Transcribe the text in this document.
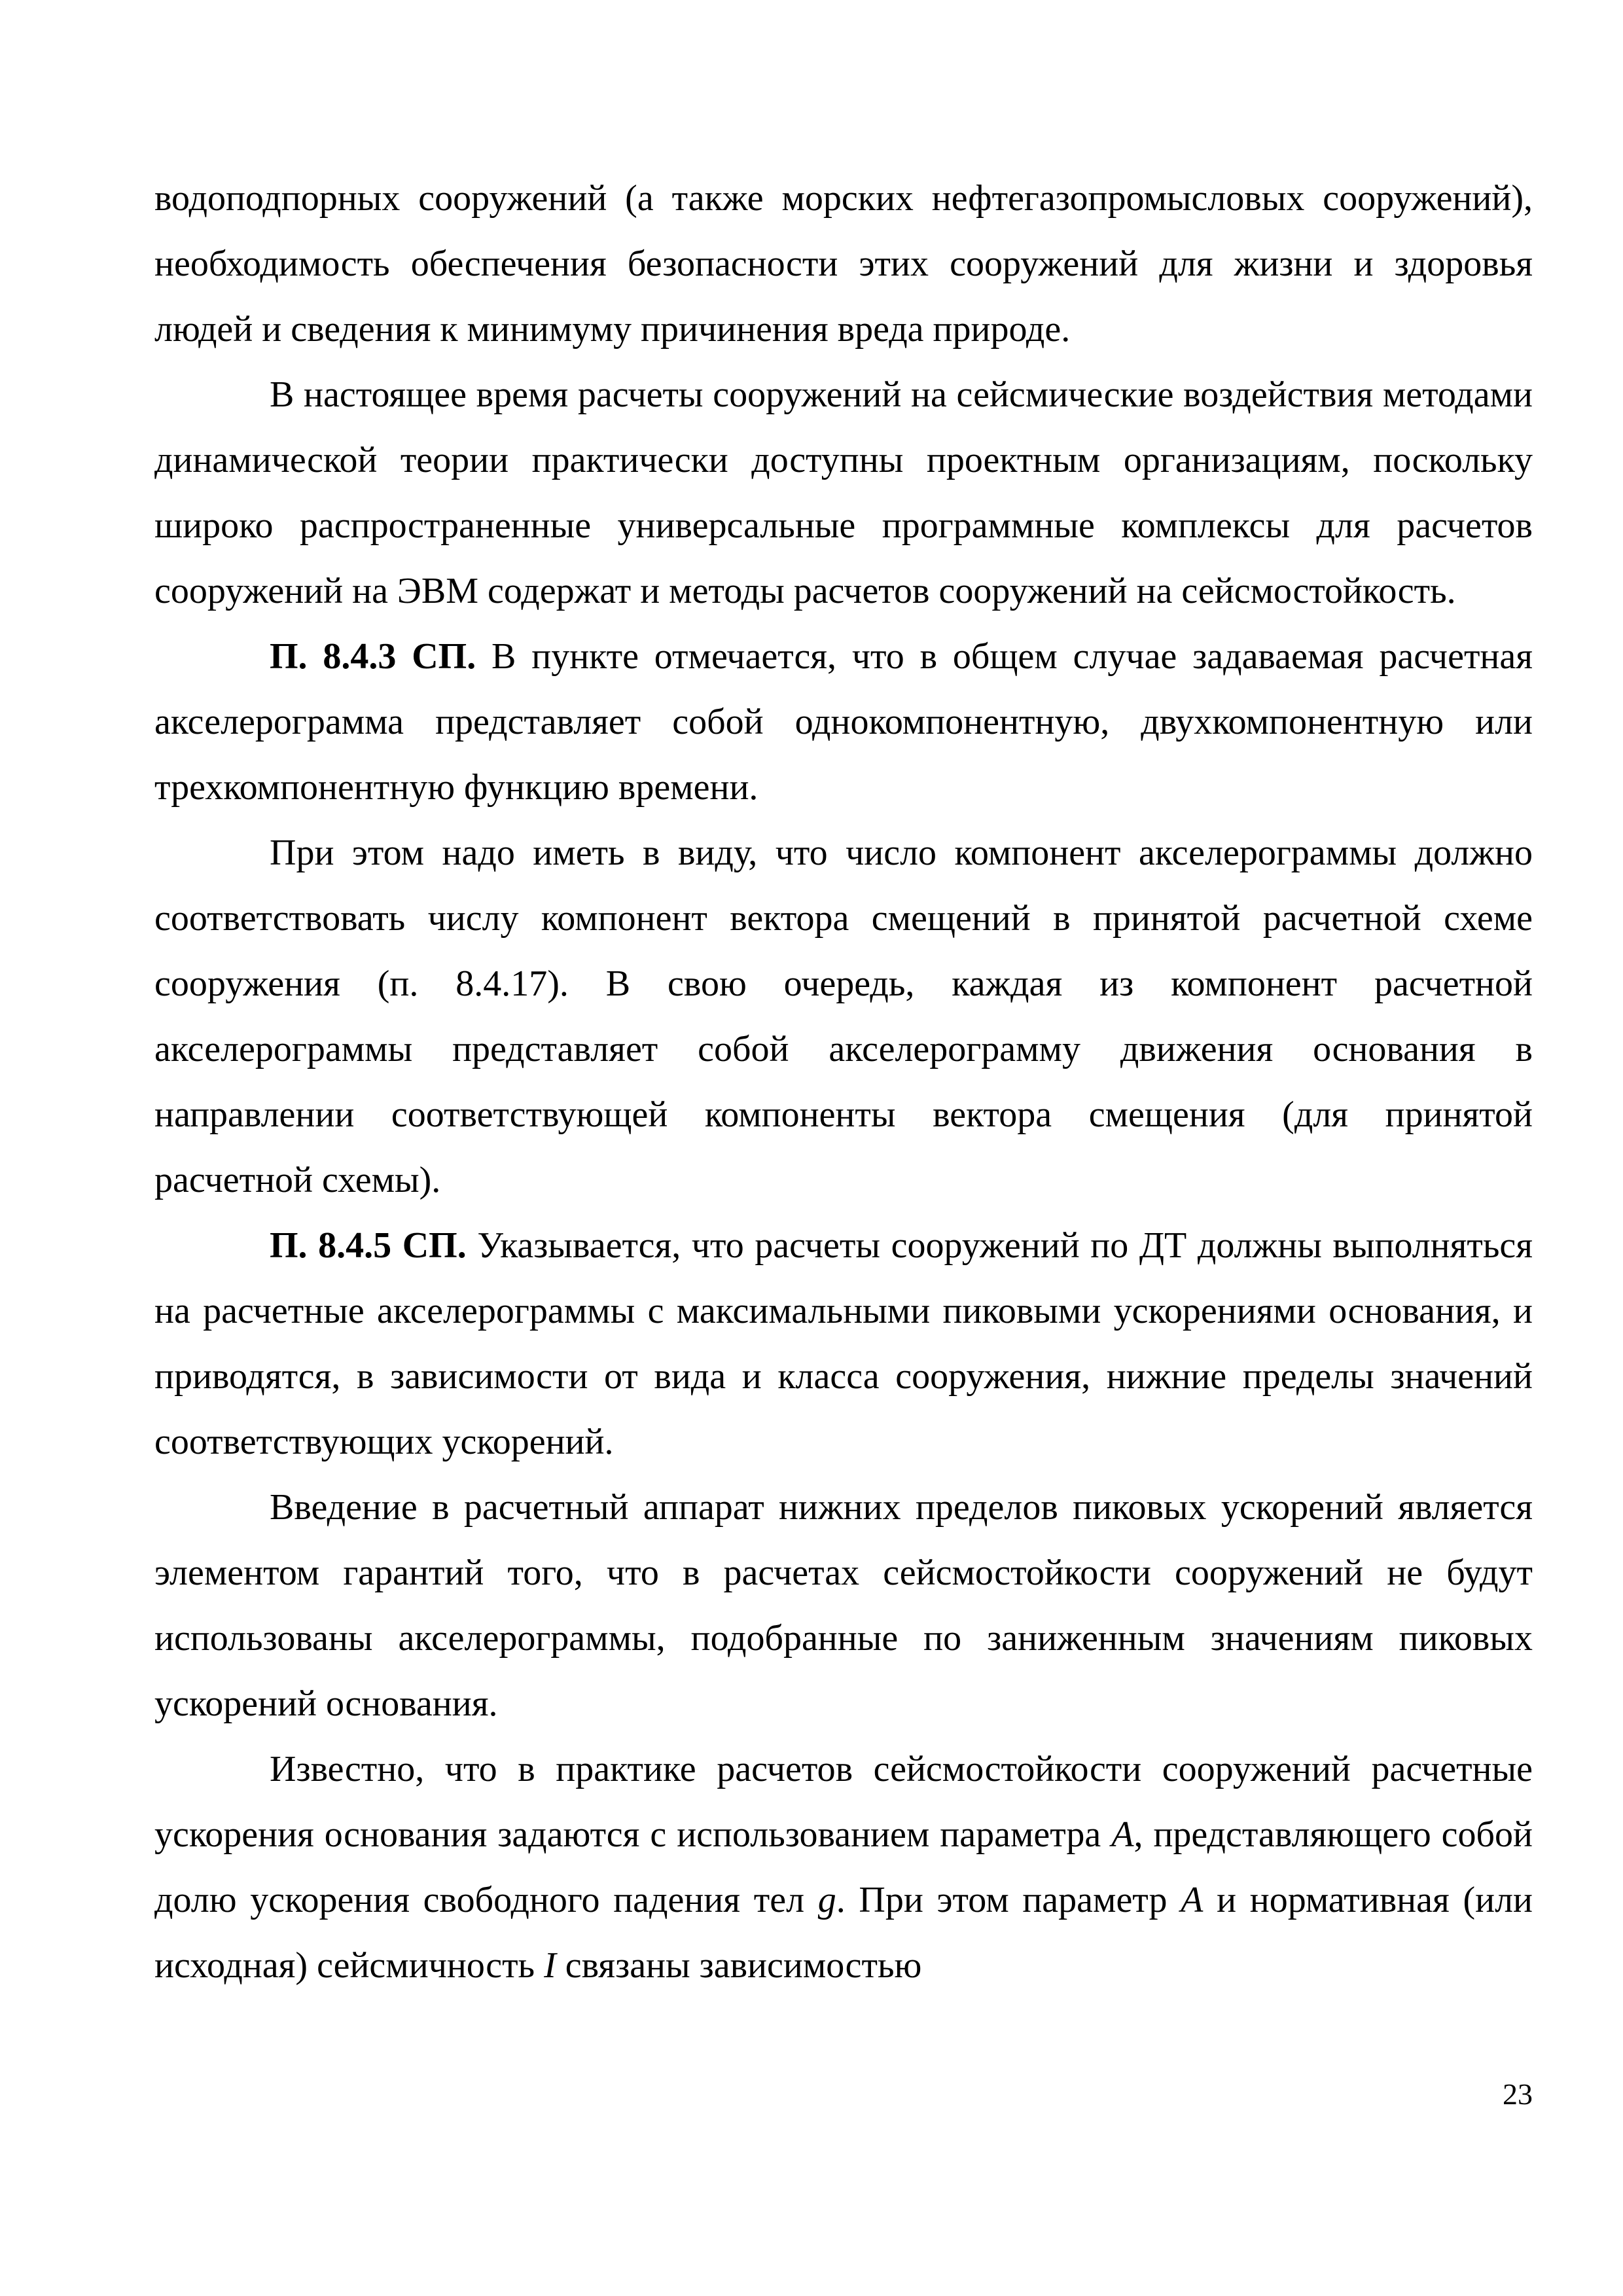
водоподпорных сооружений (а также морских нефтегазопромысловых сооружений), необходимость обеспечения безопасности этих сооружений для жизни и здоровья людей и сведения к минимуму причинения вреда природе.

В настоящее время расчеты сооружений на сейсмические воздействия методами динамической теории практически доступны проектным организациям, поскольку широко распространенные универсальные программные комплексы для расчетов сооружений на ЭВМ содержат и методы расчетов сооружений на сейсмостойкость.

П. 8.4.3 СП. В пункте отмечается, что в общем случае задаваемая расчетная акселерограмма представляет собой однокомпонентную, двухкомпонентную или трехкомпонентную функцию времени.

При этом надо иметь в виду, что число компонент акселерограммы должно соответствовать числу компонент вектора смещений в принятой расчетной схеме сооружения (п. 8.4.17). В свою очередь, каждая из компонент расчетной акселерограммы представляет собой акселерограмму движения основания в направлении соответствующей компоненты вектора смещения (для принятой расчетной схемы).

П. 8.4.5 СП. Указывается, что расчеты сооружений по ДТ должны выполняться на расчетные акселерограммы с максимальными пиковыми ускорениями основания, и приводятся, в зависимости от вида и класса сооружения, нижние пределы значений соответствующих ускорений.

Введение в расчетный аппарат нижних пределов пиковых ускорений является элементом гарантий того, что в расчетах сейсмостойкости сооружений не будут использованы акселерограммы, подобранные по заниженным значениям пиковых ускорений основания.

Известно, что в практике расчетов сейсмостойкости сооружений расчетные ускорения основания задаются с использованием параметра A, представляющего собой долю ускорения свободного падения тел g. При этом параметр A и нормативная (или исходная) сейсмичность I связаны зависимостью

23
